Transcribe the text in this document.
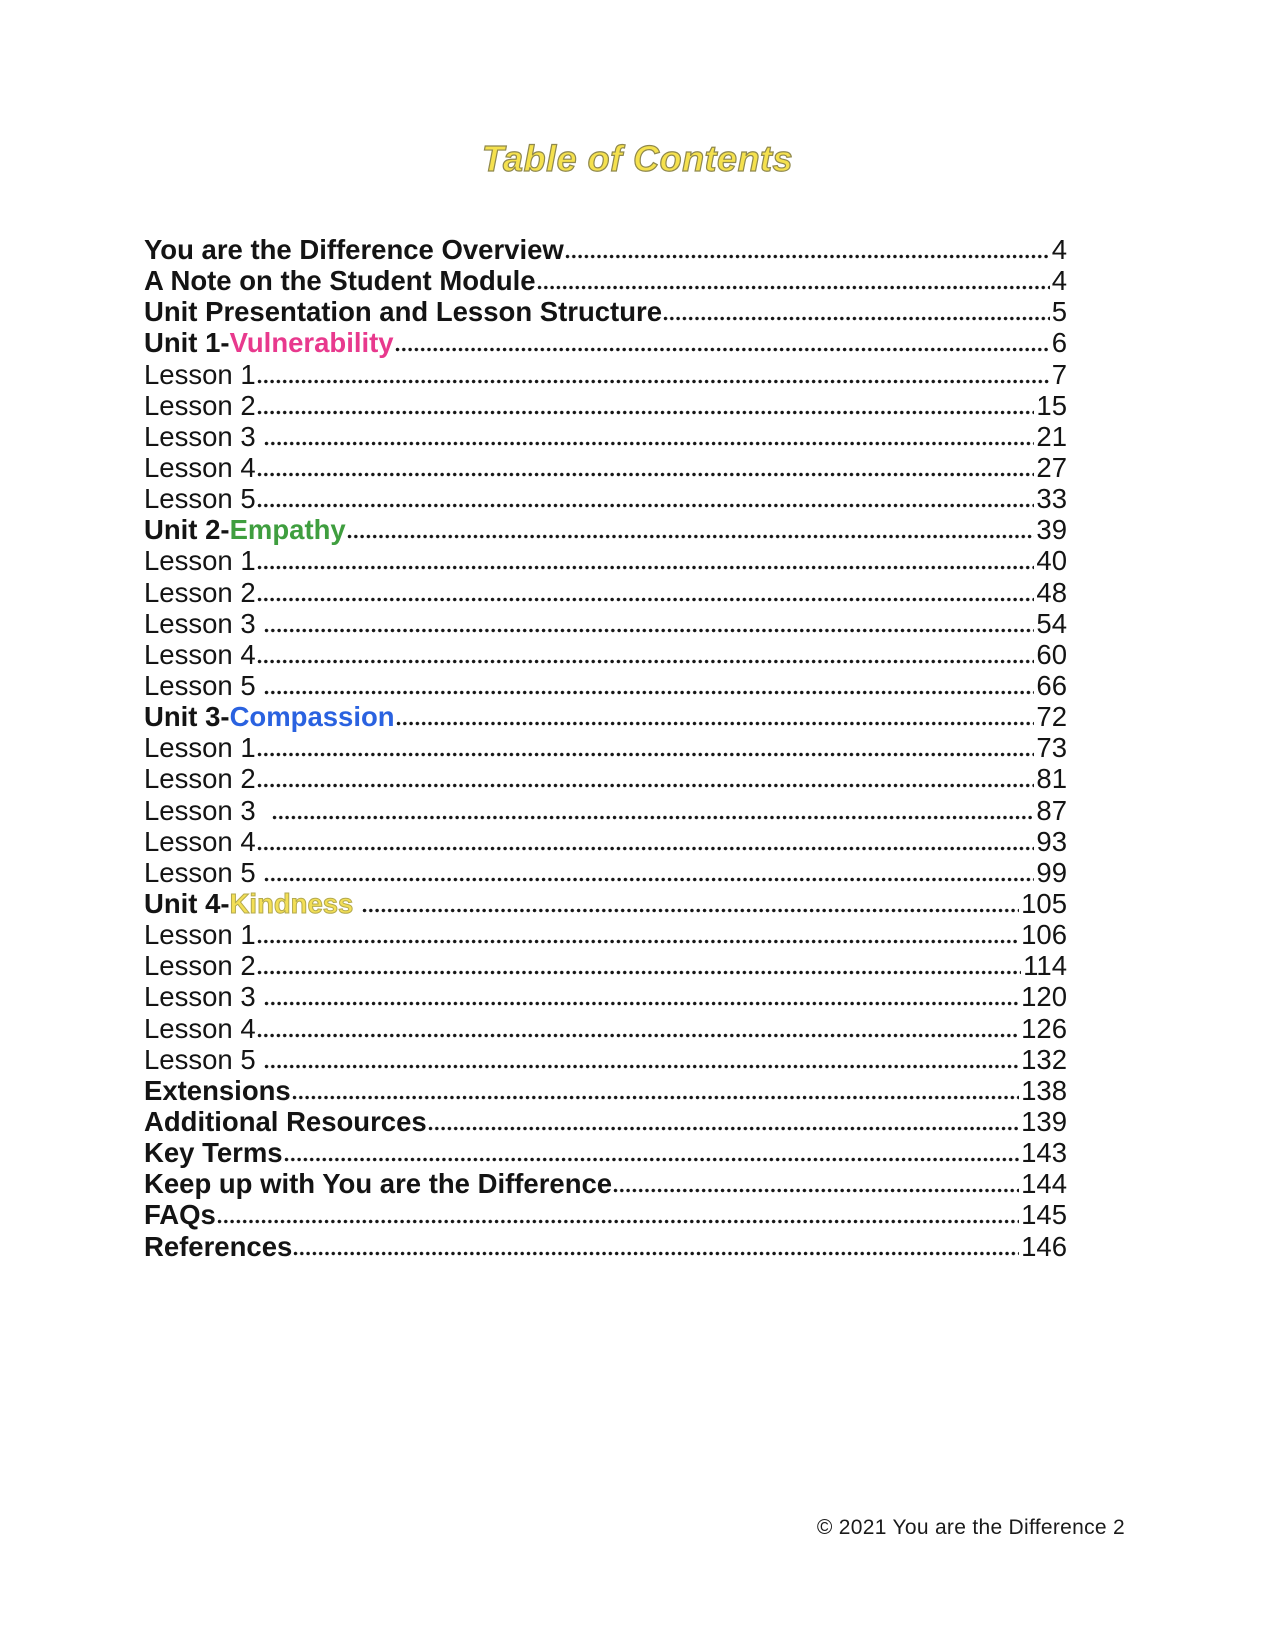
Table of Contents
You are the Difference Overview	4
A Note on the Student Module	4
Unit Presentation and Lesson Structure	5
Unit 1-Vulnerability	6
Lesson 1	7
Lesson 2	15
Lesson 3	21
Lesson 4	27
Lesson 5	33
Unit 2-Empathy	39
Lesson 1	40
Lesson 2	48
Lesson 3	54
Lesson 4	60
Lesson 5	66
Unit 3-Compassion	72
Lesson 1	73
Lesson 2	81
Lesson 3	87
Lesson 4	93
Lesson 5	99
Unit 4-Kindness	105
Lesson 1	106
Lesson 2	114
Lesson 3	120
Lesson 4	126
Lesson 5	132
Extensions	138
Additional Resources	139
Key Terms	143
Keep up with You are the Difference	144
FAQs	145
References	146
© 2021 You are the Difference 2
